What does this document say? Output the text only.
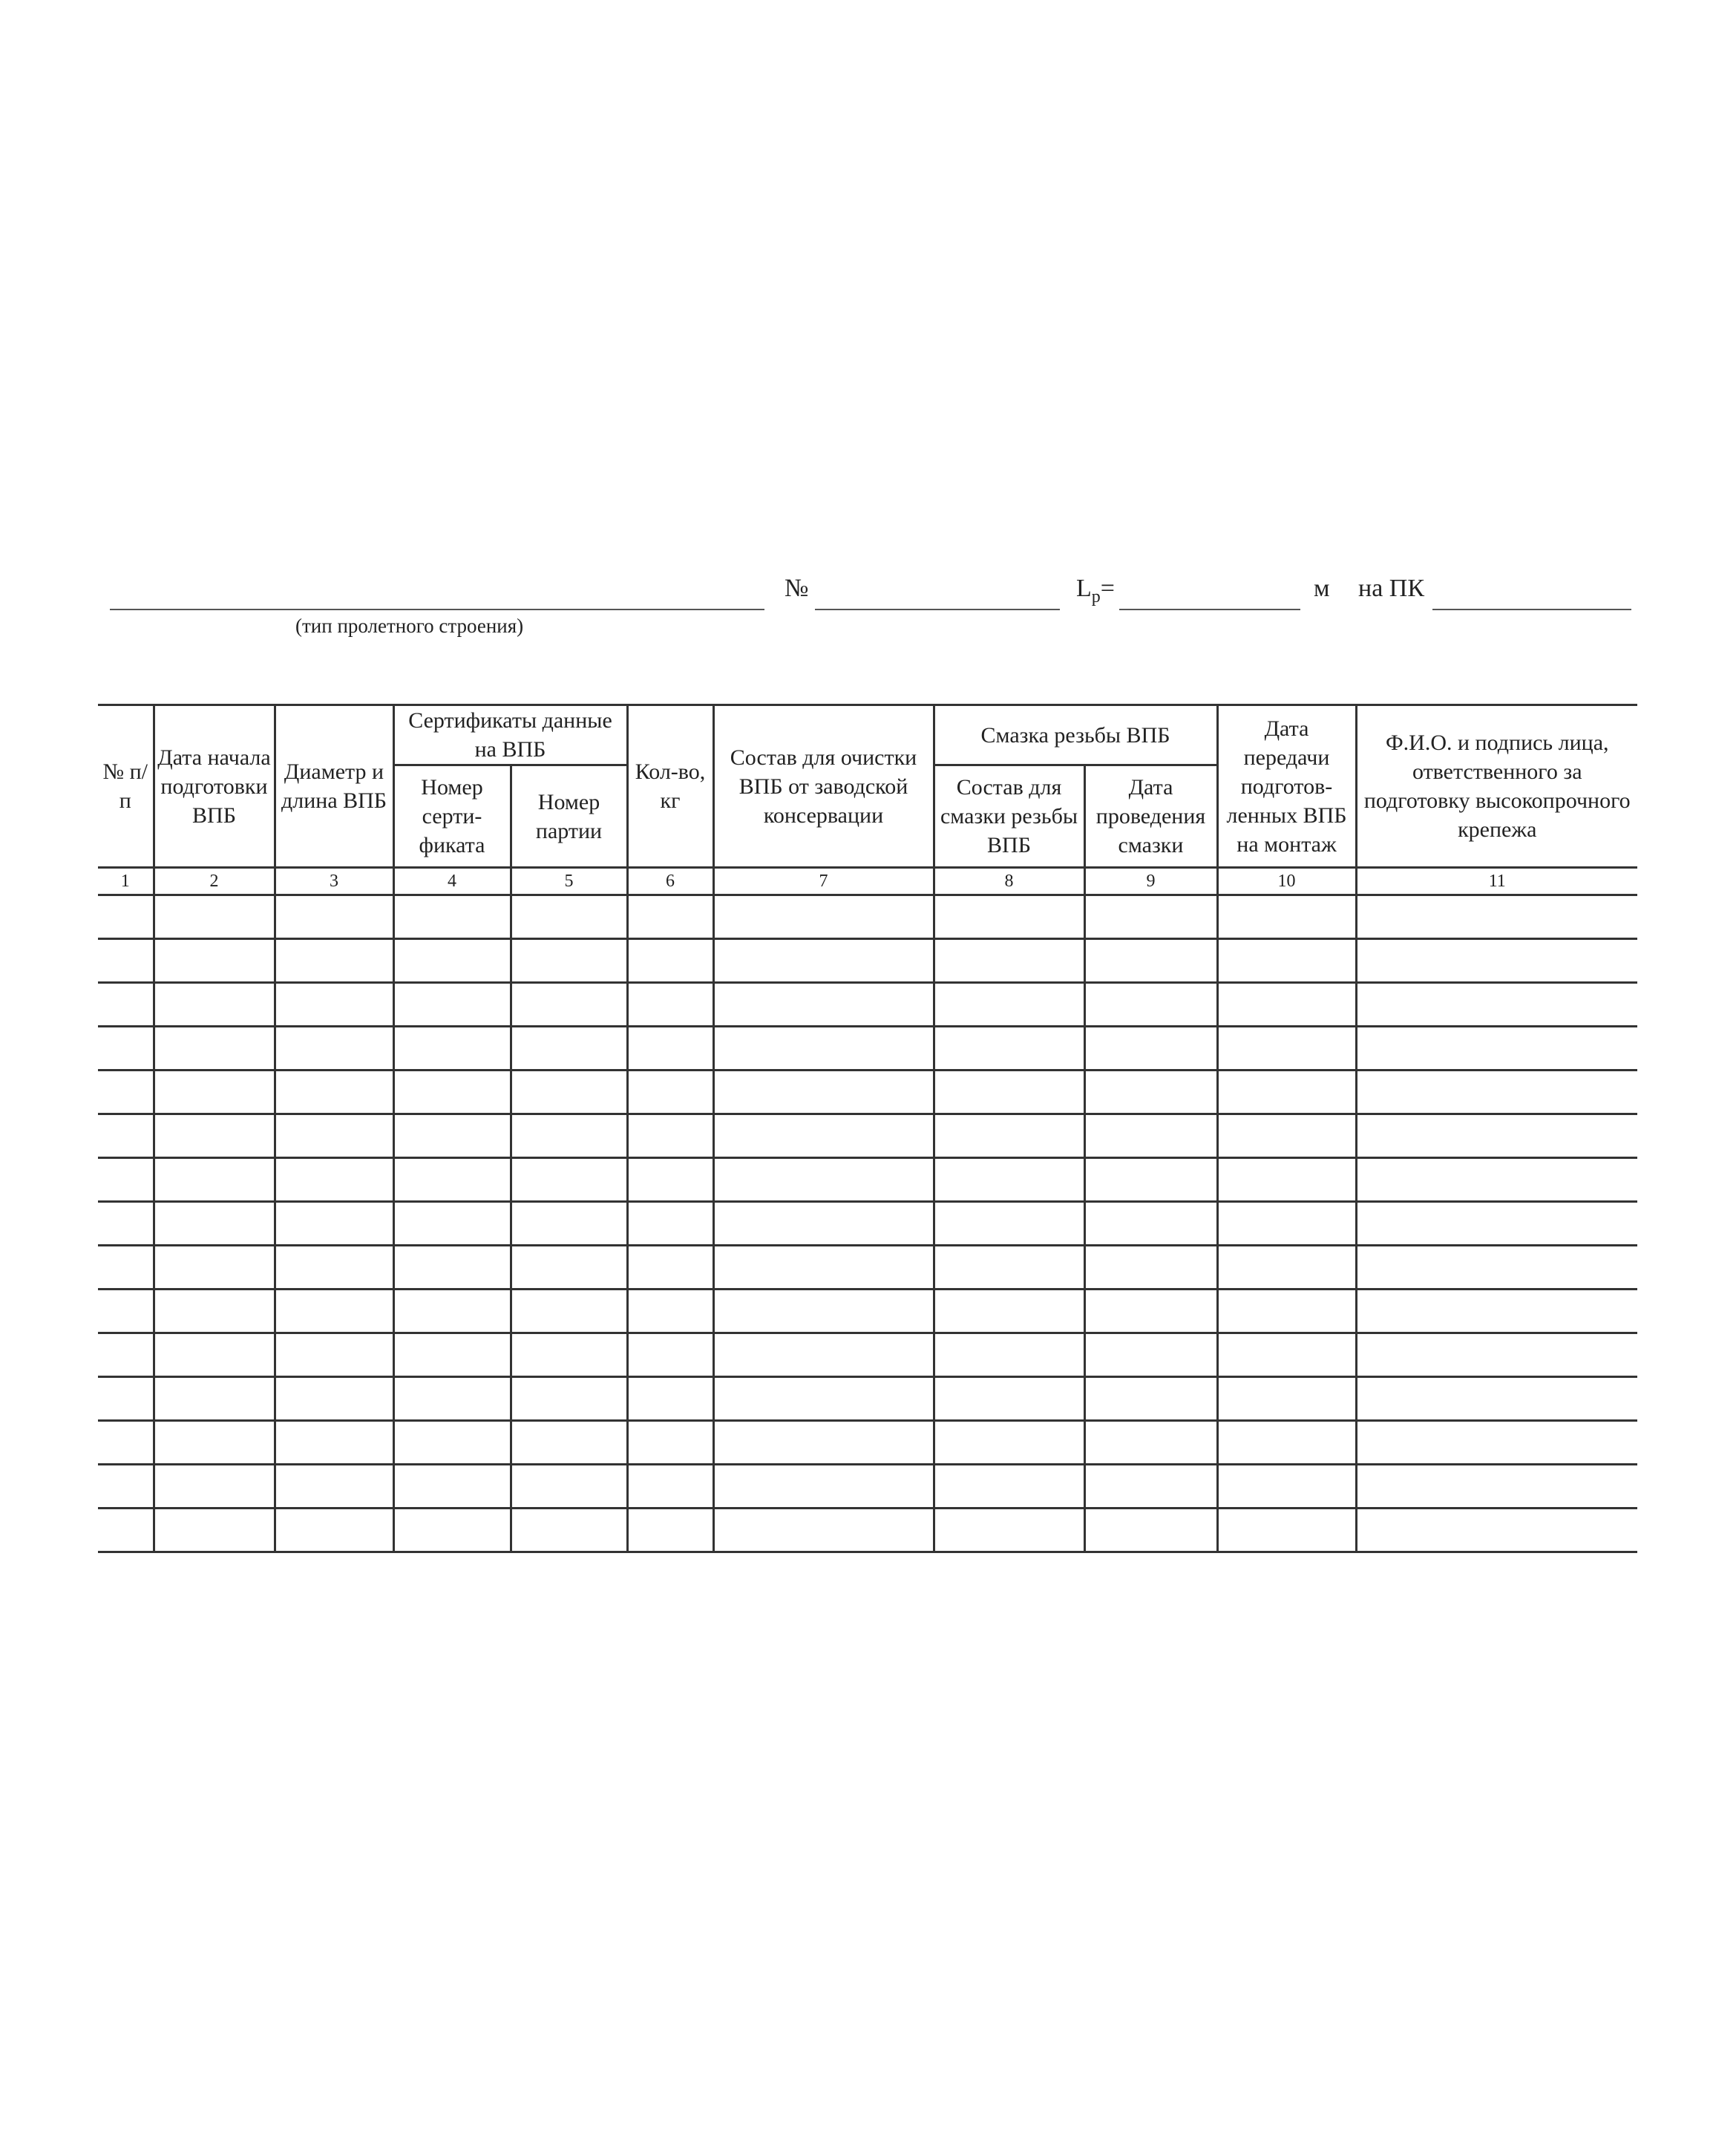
(тип пролетного строения)
№	$L_p=$	м на ПК
№ п/п	Дата начала подготовки ВПБ	Диаметр и длина ВПБ	Сертификаты данные на ВПБ		Кол-во, кг	Состав для очистки ВПБ от заводской консервации	Смазка резьбы ВПБ		Дата передачи подготов-ленных ВПБ на монтаж	Ф.И.О. и подпись лица, ответственного за подготовку высокопрочного крепежа
			Номер серти-фиката	Номер партии			Состав для смазки резьбы ВПБ	Дата проведения смазки		
1	2	3	4	5	6	7	8	9	10	11
